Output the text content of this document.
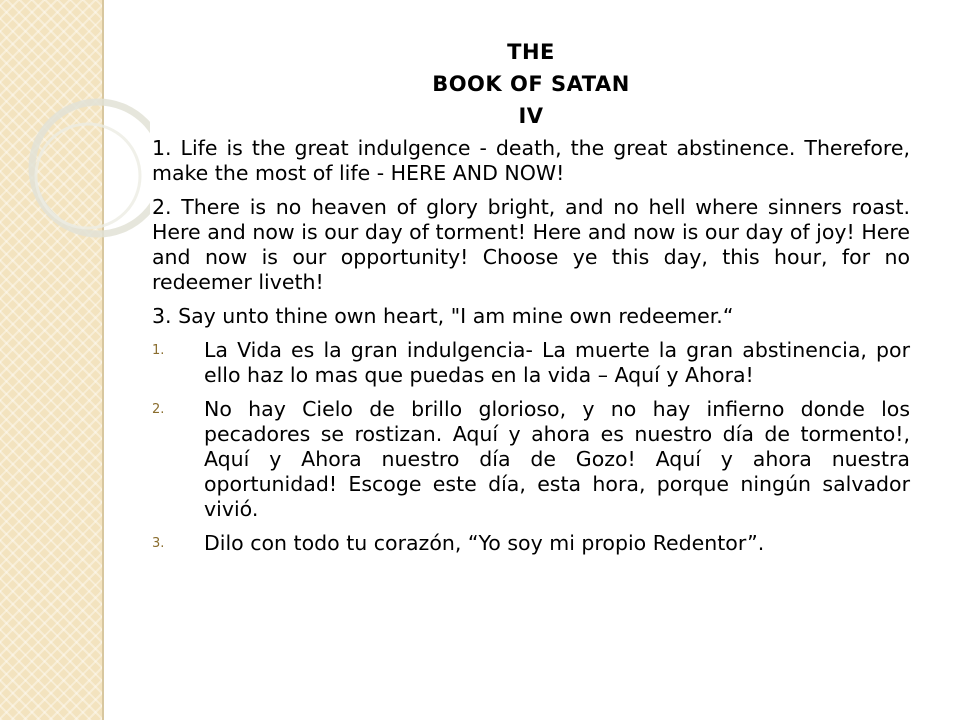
THE
BOOK OF SATAN
IV

1. Life is the great indulgence - death, the great abstinence. Therefore, make the most of life - HERE AND NOW!

2. There is no heaven of glory bright, and no hell where sinners roast. Here and now is our day of torment! Here and now is our day of joy! Here and now is our opportunity! Choose ye this day, this hour, for no redeemer liveth!

3. Say unto thine own heart, "I am mine own redeemer.“

1. La Vida es la gran indulgencia- La muerte la gran abstinencia, por ello haz lo mas que puedas en la vida – Aquí y Ahora!
2. No hay Cielo de brillo glorioso, y no hay infierno donde los pecadores se rostizan. Aquí y ahora es nuestro día de tormento!, Aquí y Ahora nuestro día de Gozo! Aquí y ahora nuestra oportunidad! Escoge este día, esta hora, porque ningún salvador vivió.
3. Dilo con todo tu corazón, “Yo soy mi propio Redentor”.
